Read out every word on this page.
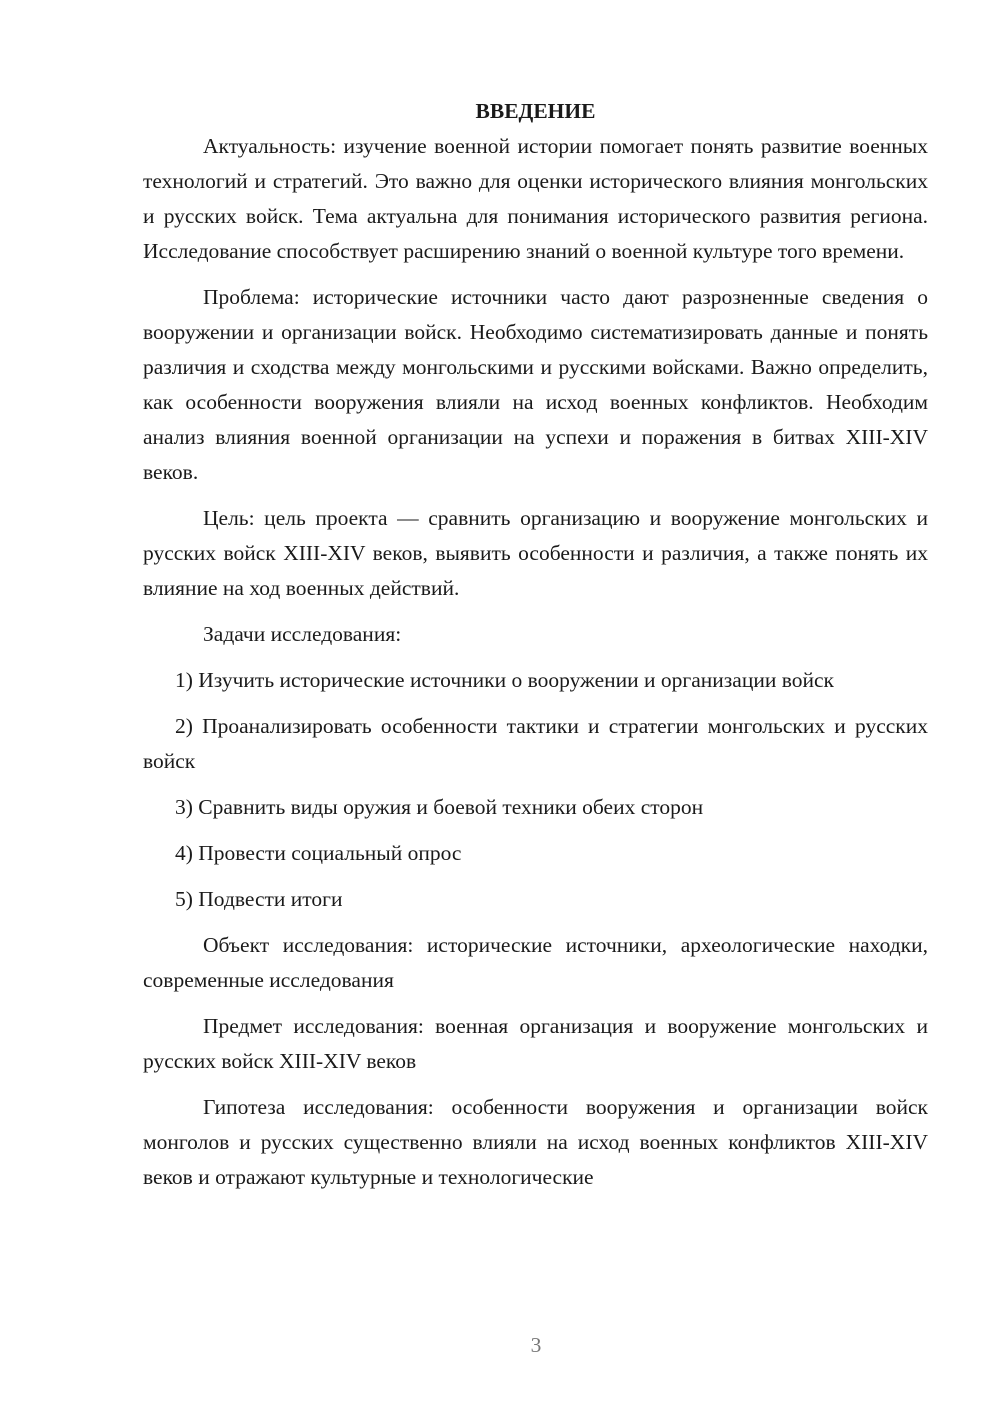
ВВЕДЕНИЕ

Актуальность: изучение военной истории помогает понять развитие военных технологий и стратегий. Это важно для оценки исторического влияния монгольских и русских войск. Тема актуальна для понимания исторического развития региона. Исследование способствует расширению знаний о военной культуре того времени.

Проблема: исторические источники часто дают разрозненные сведения о вооружении и организации войск. Необходимо систематизировать данные и понять различия и сходства между монгольскими и русскими войсками. Важно определить, как особенности вооружения влияли на исход военных конфликтов. Необходим анализ влияния военной организации на успехи и поражения в битвах XIII-XIV веков.

Цель: цель проекта — сравнить организацию и вооружение монгольских и русских войск XIII-XIV веков, выявить особенности и различия, а также понять их влияние на ход военных действий.

Задачи исследования:

1) Изучить исторические источники о вооружении и организации войск

2) Проанализировать особенности тактики и стратегии монгольских и русских войск

3) Сравнить виды оружия и боевой техники обеих сторон

4) Провести социальный опрос

5) Подвести итоги

Объект исследования: исторические источники, археологические находки, современные исследования

Предмет исследования: военная организация и вооружение монгольских и русских войск XIII-XIV веков

Гипотеза исследования: особенности вооружения и организации войск монголов и русских существенно влияли на исход военных конфликтов XIII-XIV веков и отражают культурные и технологические

3
